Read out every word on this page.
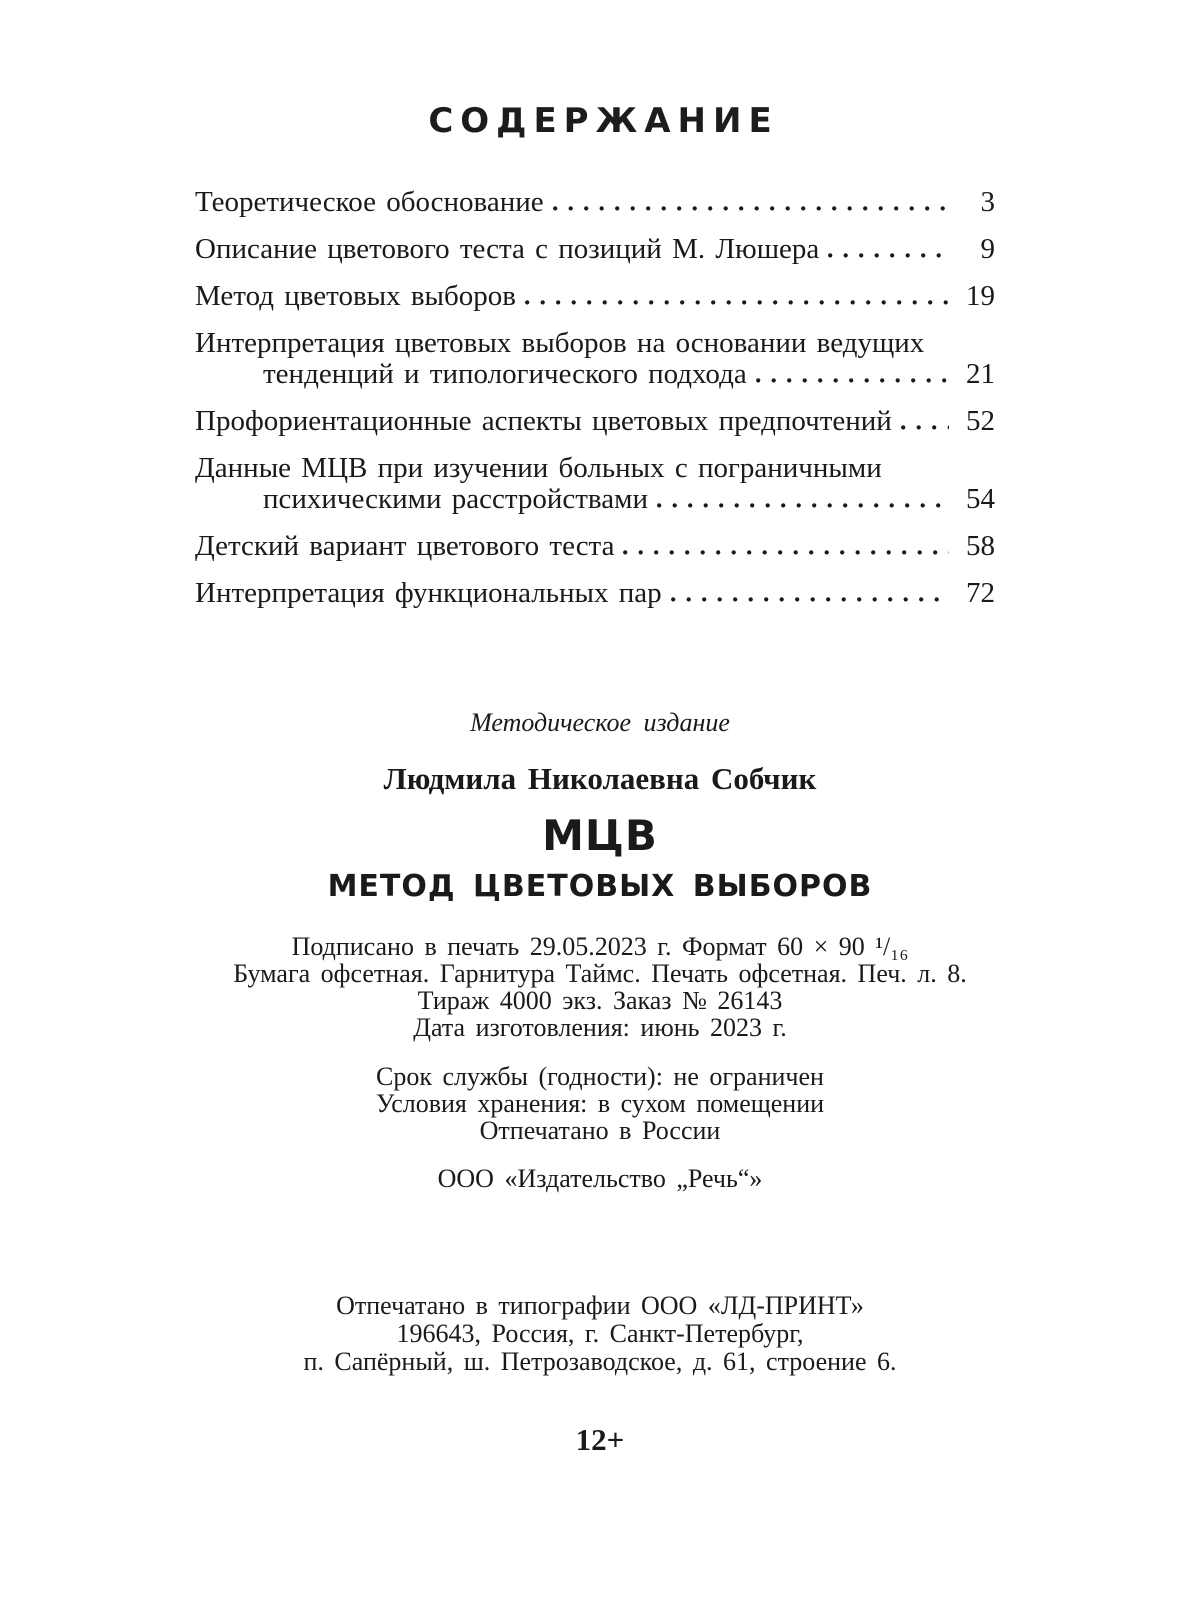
СОДЕРЖАНИЕ
Теоретическое обоснование	3
Описание цветового теста с позиций М. Люшера	9
Метод цветовых выборов	19
Интерпретация цветовых выборов на основании ведущих
тенденций и типологического подхода	21
Профориентационные аспекты цветовых предпочтений	52
Данные МЦВ при изучении больных с пограничными
психическими расстройствами	54
Детский вариант цветового теста	58
Интерпретация функциональных пар	72
Методическое издание
Людмила Николаевна Собчик
МЦВ
МЕТОД ЦВЕТОВЫХ ВЫБОРОВ
Подписано в печать 29.05.2023 г. Формат 60 × 90 ¹/₁₆
Бумага офсетная. Гарнитура Таймс. Печать офсетная. Печ. л. 8.
Тираж 4000 экз. Заказ № 26143
Дата изготовления: июнь 2023 г.
Срок службы (годности): не ограничен
Условия хранения: в сухом помещении
Отпечатано в России
ООО «Издательство „Речь“»
Отпечатано в типографии ООО «ЛД-ПРИНТ»
196643, Россия, г. Санкт-Петербург,
п. Сапёрный, ш. Петрозаводское, д. 61, строение 6.
12+
